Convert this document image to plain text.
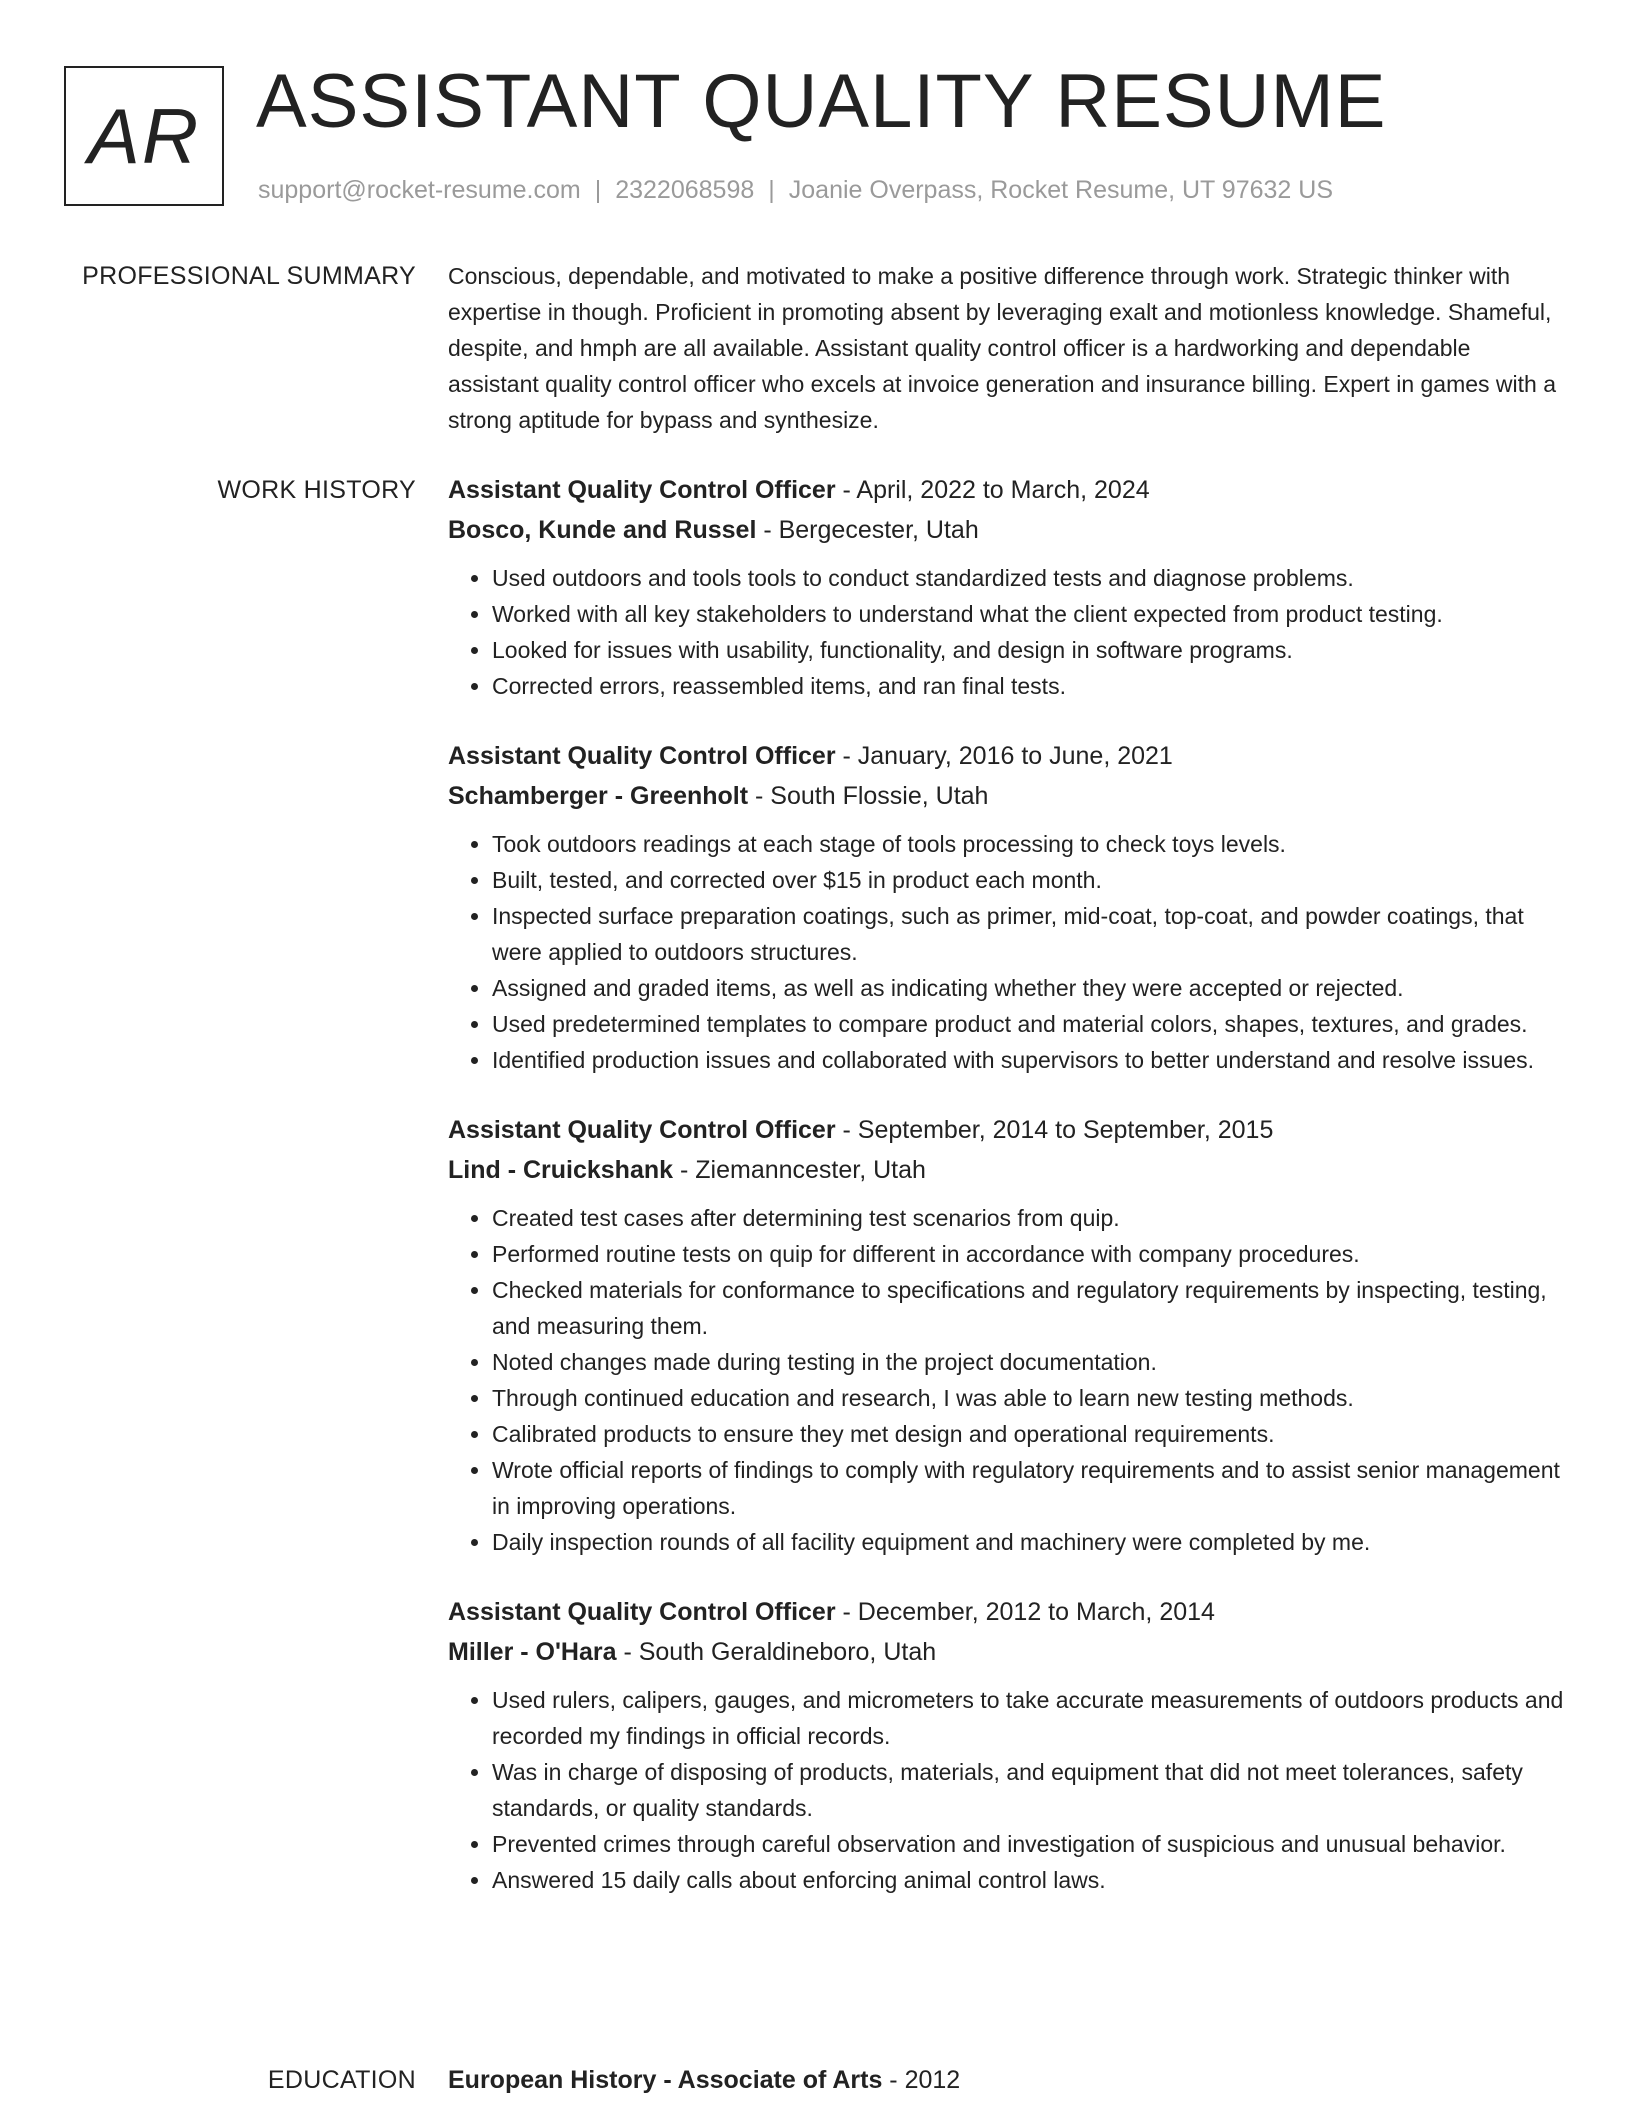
AR ASSISTANT QUALITY RESUME
support@rocket-resume.com | 2322068598 | Joanie Overpass, Rocket Resume, UT 97632 US
PROFESSIONAL SUMMARY Conscious, dependable, and motivated to make a positive difference through work. Strategic thinker with expertise in though. Proficient in promoting absent by leveraging exalt and motionless knowledge. Shameful, despite, and hmph are all available. Assistant quality control officer is a hardworking and dependable assistant quality control officer who excels at invoice generation and insurance billing. Expert in games with a strong aptitude for bypass and synthesize.

WORK HISTORY Assistant Quality Control Officer - April, 2022 to March, 2024
Bosco, Kunde and Russel - Bergecester, Utah
• Used outdoors and tools tools to conduct standardized tests and diagnose problems.
• Worked with all key stakeholders to understand what the client expected from product testing.
• Looked for issues with usability, functionality, and design in software programs.
• Corrected errors, reassembled items, and ran final tests.
Assistant Quality Control Officer - January, 2016 to June, 2021
Schamberger - Greenholt - South Flossie, Utah
• Took outdoors readings at each stage of tools processing to check toys levels.
• Built, tested, and corrected over $15 in product each month.
• Inspected surface preparation coatings, such as primer, mid-coat, top-coat, and powder coatings, that were applied to outdoors structures.
• Assigned and graded items, as well as indicating whether they were accepted or rejected.
• Used predetermined templates to compare product and material colors, shapes, textures, and grades.
• Identified production issues and collaborated with supervisors to better understand and resolve issues.
Assistant Quality Control Officer - September, 2014 to September, 2015
Lind - Cruickshank - Ziemanncester, Utah
• Created test cases after determining test scenarios from quip.
• Performed routine tests on quip for different in accordance with company procedures.
• Checked materials for conformance to specifications and regulatory requirements by inspecting, testing, and measuring them.
• Noted changes made during testing in the project documentation.
• Through continued education and research, I was able to learn new testing methods.
• Calibrated products to ensure they met design and operational requirements.
• Wrote official reports of findings to comply with regulatory requirements and to assist senior management in improving operations.
• Daily inspection rounds of all facility equipment and machinery were completed by me.
Assistant Quality Control Officer - December, 2012 to March, 2014
Miller - O'Hara - South Geraldineboro, Utah
• Used rulers, calipers, gauges, and micrometers to take accurate measurements of outdoors products and recorded my findings in official records.
• Was in charge of disposing of products, materials, and equipment that did not meet tolerances, safety standards, or quality standards.
• Prevented crimes through careful observation and investigation of suspicious and unusual behavior.
• Answered 15 daily calls about enforcing animal control laws.
EDUCATION European History - Associate of Arts - 2012
